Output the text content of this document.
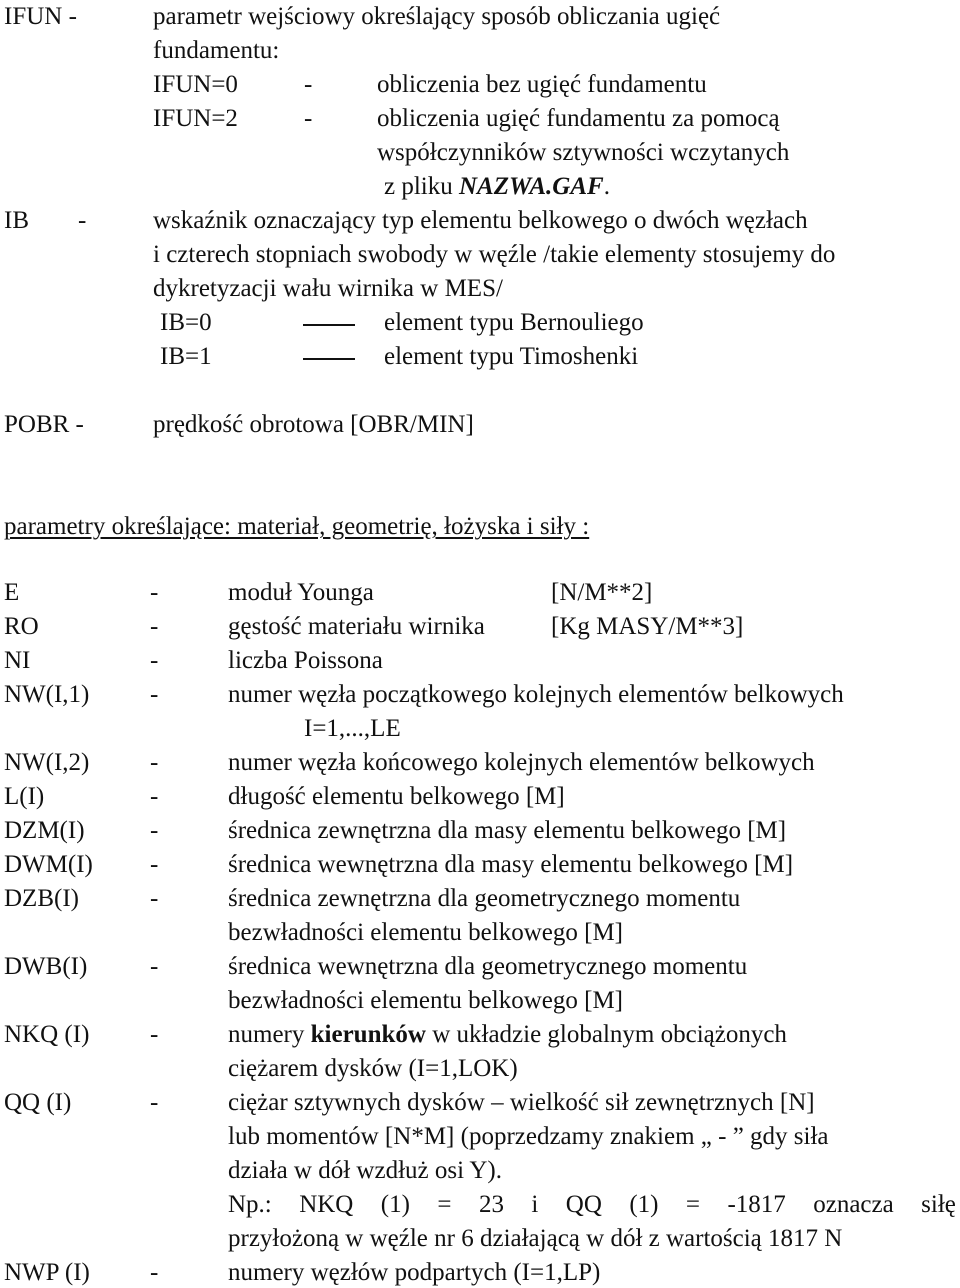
IFUN -	parametr wejściowy określający sposób obliczania ugięć
fundamentu:
IFUN=0	-	obliczenia bez ugięć fundamentu
IFUN=2	-	obliczenia ugięć fundamentu za pomocą
współczynników sztywności wczytanych
z pliku NAZWA.GAF.
IB -	wskaźnik oznaczający typ elementu belkowego o dwóch węzłach
i czterech stopniach swobody w węźle /takie elementy stosujemy do
dykretyzacji wału wirnika w MES/
IB=0	element typu Bernouliego
IB=1	element typu Timoshenki
POBR -	prędkość obrotowa [OBR/MIN]
parametry określające: materiał, geometrię, łożyska i siły :
E	-	moduł Younga	[N/M**2]
RO	-	gęstość materiału wirnika	[Kg MASY/M**3]
NI	-	liczba Poissona
NW(I,1) -	numer węzła początkowego kolejnych elementów belkowych
I=1,...,LE
NW(I,2) -	numer węzła końcowego kolejnych elementów belkowych
L(I)	-	długość elementu belkowego [M]
DZM(I)	-	średnica zewnętrzna dla masy elementu belkowego [M]
DWM(I) -	średnica wewnętrzna dla masy elementu belkowego [M]
DZB(I)	-	średnica zewnętrzna dla geometrycznego momentu
bezwładności elementu belkowego [M]
DWB(I)	-	średnica wewnętrzna dla geometrycznego momentu
bezwładności elementu belkowego [M]
NKQ (I) -	numery kierunków w układzie globalnym obciążonych
ciężarem dysków (I=1,LOK)
QQ (I)	-	ciężar sztywnych dysków – wielkość sił zewnętrznych [N]
lub momentów [N*M] (poprzedzamy znakiem „ - ” gdy siła
działa w dół wzdłuż osi Y).
Np.: NKQ (1) = 23 i QQ (1) = -1817 oznacza siłę
przyłożoną w węźle nr 6 działającą w dół z wartością 1817 N
NWP (I) -	numery węzłów podpartych (I=1,LP)
